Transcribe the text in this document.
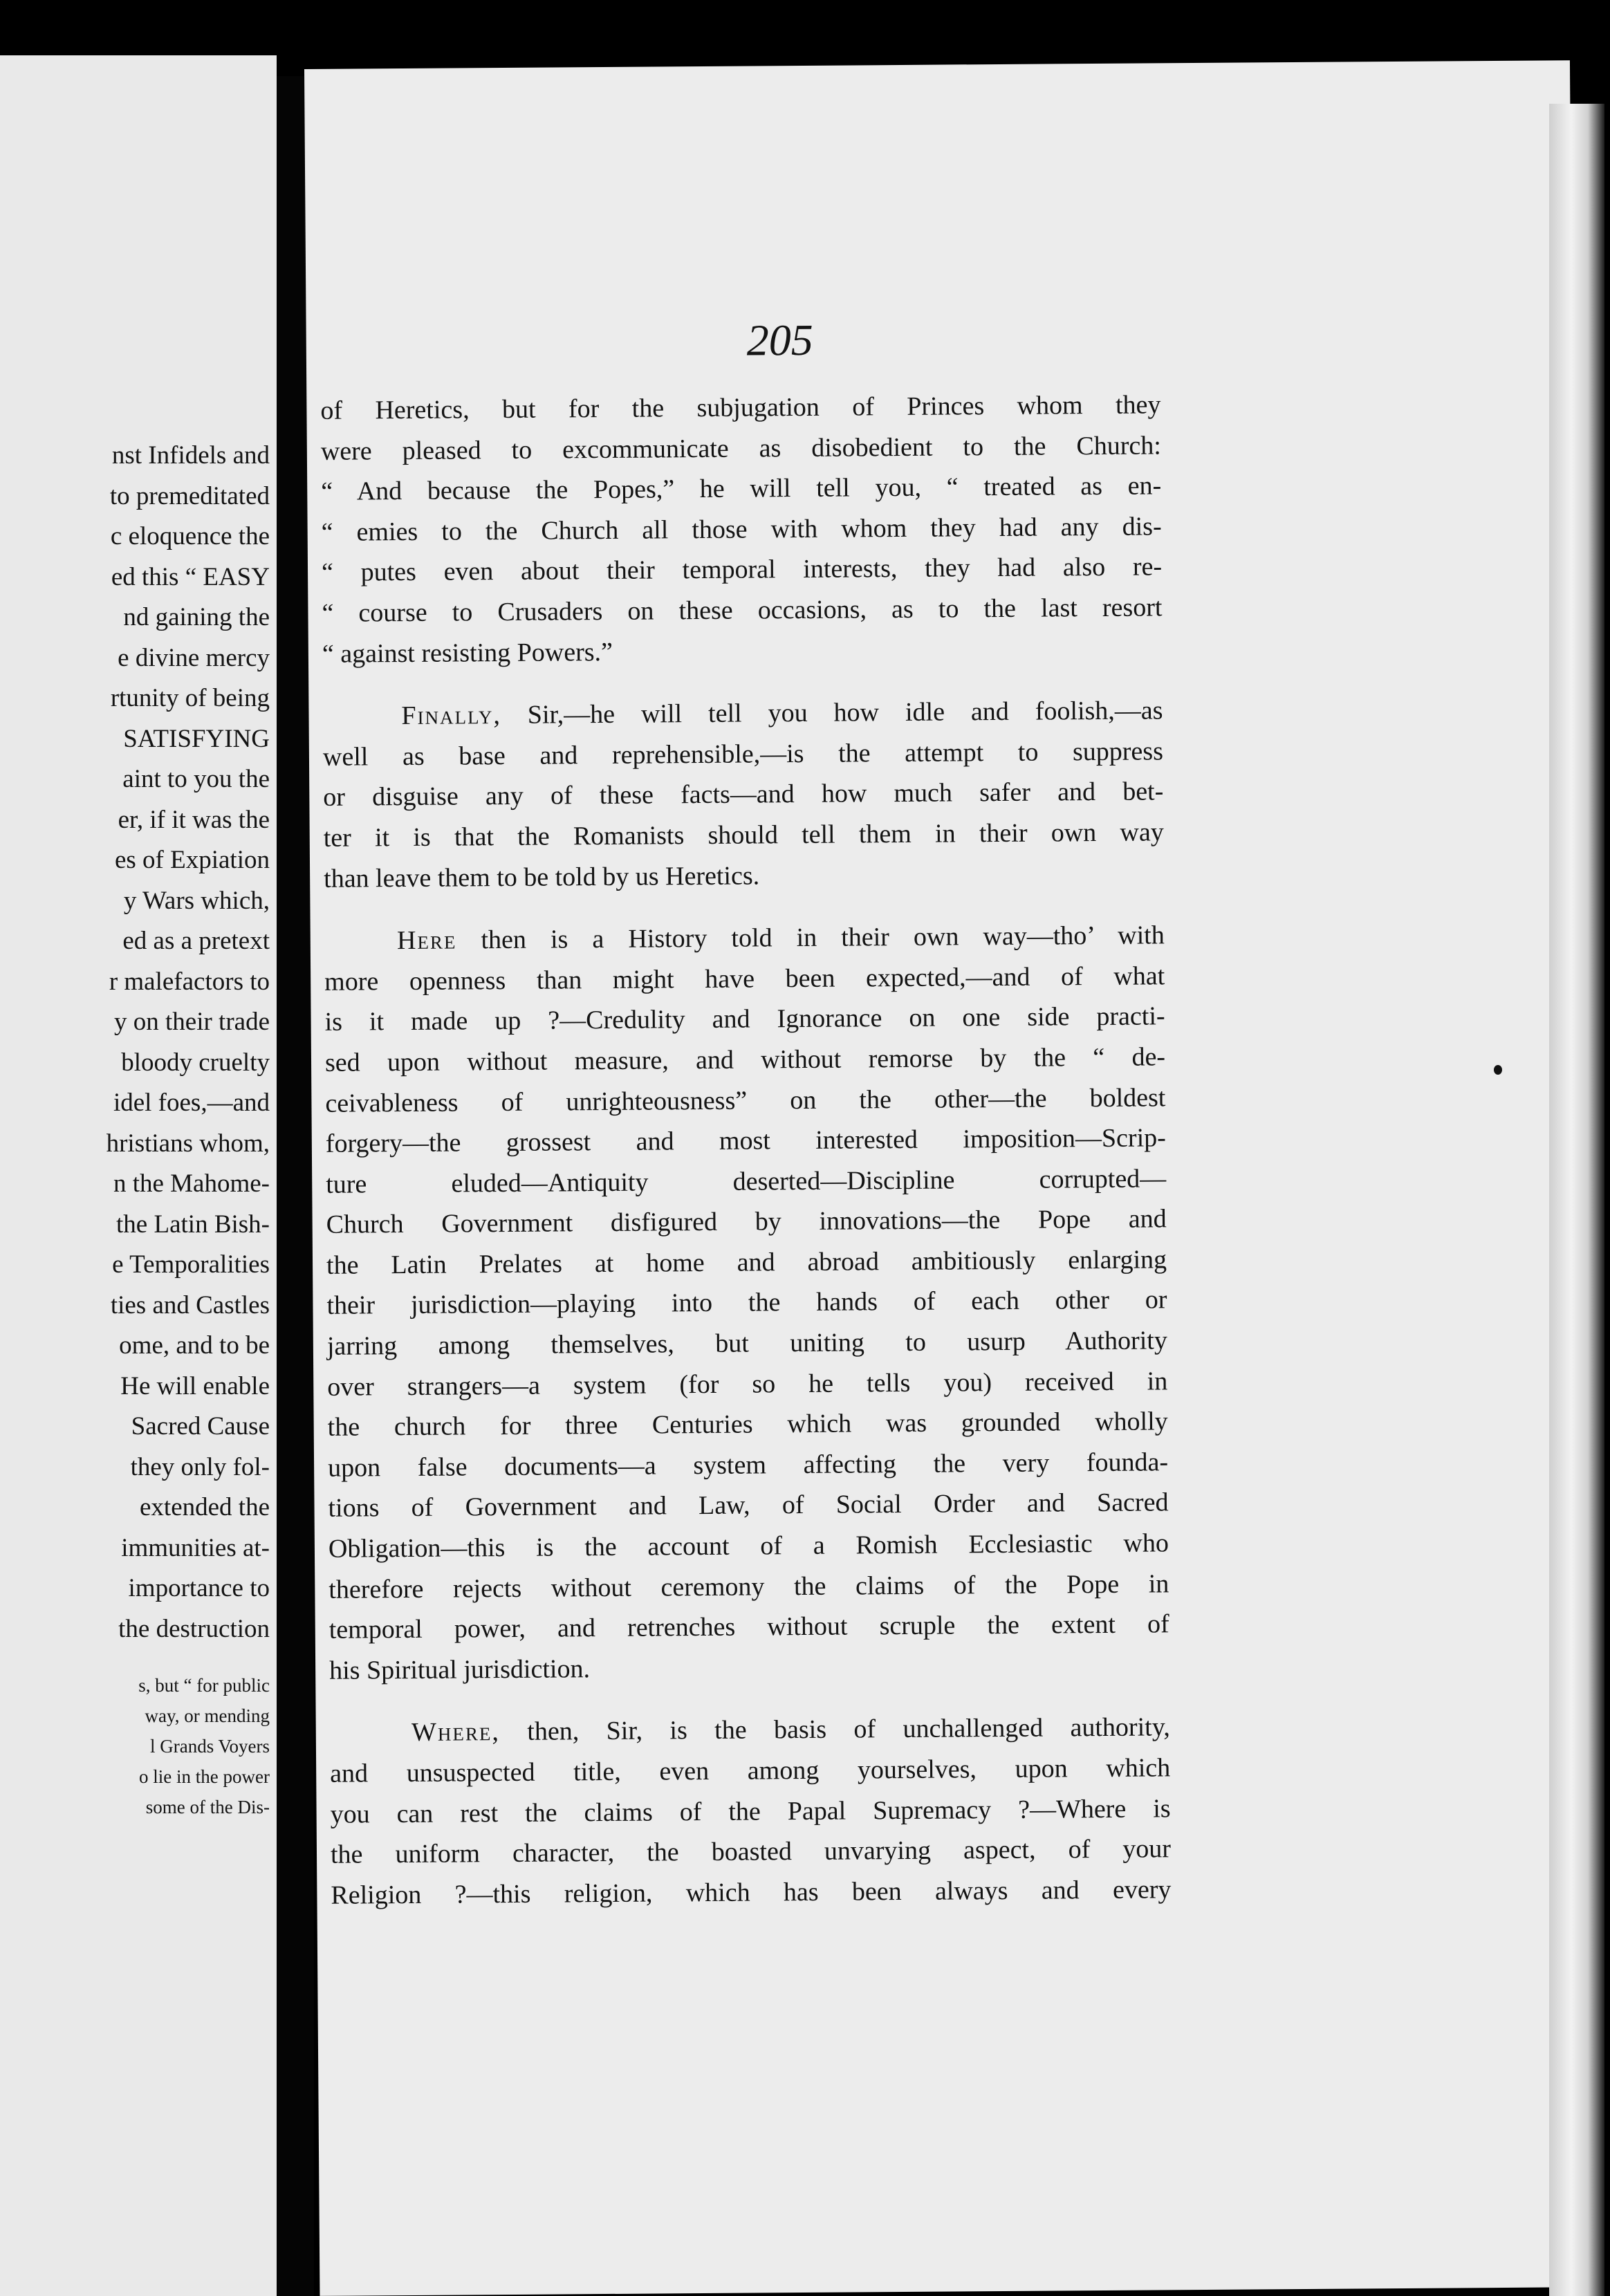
nst Infidels and
to premeditated
c eloquence the
ed this “ EASY
nd gaining the
e divine mercy
rtunity of being
SATISFYING
aint to you the
er, if it was the
es of Expiation
y Wars which,
ed as a pretext
r malefactors to
y on their trade
bloody cruelty
idel foes,—and
hristians whom,
n the Mahome-
the Latin Bish-
e Temporalities
ties and Castles
ome, and to be
He will enable
Sacred Cause
they only fol-
extended the
immunities at-
importance to
the destruction
s, but “ for public
way, or mending
l Grands Voyers
o lie in the power
some of the Dis-
205
of Heretics, but for the subjugation of Princes whom they
were pleased to excommunicate as disobedient to the Church:
“ And because the Popes,” he will tell you, “ treated as en-
“ emies to the Church all those with whom they had any dis-
“ putes even about their temporal interests, they had also re-
“ course to Crusaders on these occasions, as to the last resort
“ against resisting Powers.”
Finally, Sir,—he will tell you how idle and foolish,—as
well as base and reprehensible,—is the attempt to suppress
or disguise any of these facts—and how much safer and bet-
ter it is that the Romanists should tell them in their own way
than leave them to be told by us Heretics.
Here then is a History told in their own way—tho’ with
more openness than might have been expected,—and of what
is it made up ?—Credulity and Ignorance on one side practi-
sed upon without measure, and without remorse by the “ de-
ceivableness of unrighteousness” on the other—the boldest
forgery—the grossest and most interested imposition—Scrip-
ture eluded—Antiquity deserted—Discipline corrupted—
Church Government disfigured by innovations—the Pope and
the Latin Prelates at home and abroad ambitiously enlarging
their jurisdiction—playing into the hands of each other or
jarring among themselves, but uniting to usurp Authority
over strangers—a system (for so he tells you) received in
the church for three Centuries which was grounded wholly
upon false documents—a system affecting the very founda-
tions of Government and Law, of Social Order and Sacred
Obligation—this is the account of a Romish Ecclesiastic who
therefore rejects without ceremony the claims of the Pope in
temporal power, and retrenches without scruple the extent of
his Spiritual jurisdiction.
Where, then, Sir, is the basis of unchallenged authority,
and unsuspected title, even among yourselves, upon which
you can rest the claims of the Papal Supremacy ?—Where is
the uniform character, the boasted unvarying aspect, of your
Religion ?—this religion, which has been always and every
